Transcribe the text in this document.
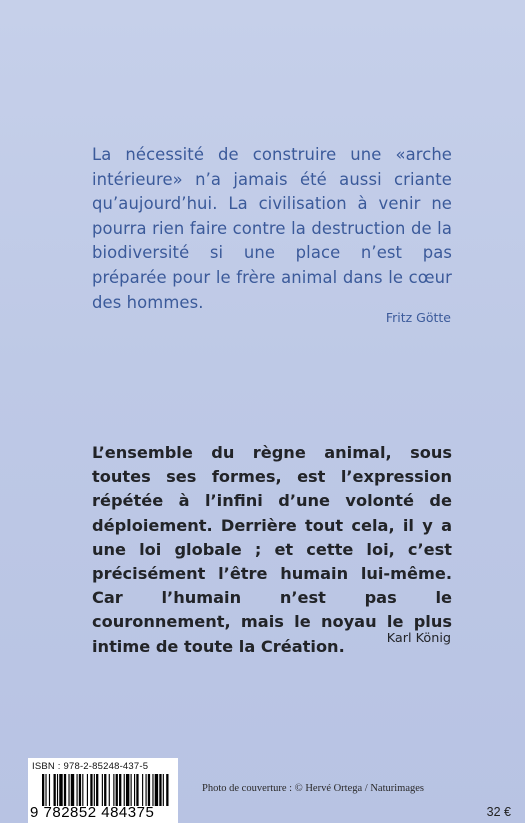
La nécessité de construire une «arche intérieure» n’a jamais été aussi criante qu’aujourd’hui. La civilisation à venir ne pourra rien faire contre la destruction de la biodiversité si une place n’est pas préparée pour le frère animal dans le cœur des hommes.

Fritz Götte

L’ensemble du règne animal, sous toutes ses formes, est l’expression répétée à l’infini d’une volonté de déploiement. Derrière tout cela, il y a une loi globale ; et cette loi, c’est précisément l’être humain lui-même. Car l’humain n’est pas le couronnement, mais le noyau le plus intime de toute la Création.	Karl König
ISBN : 978-2-85248-437-5
9 782852 484375
Photo de couverture : © Hervé Ortega / Naturimages
32 €
